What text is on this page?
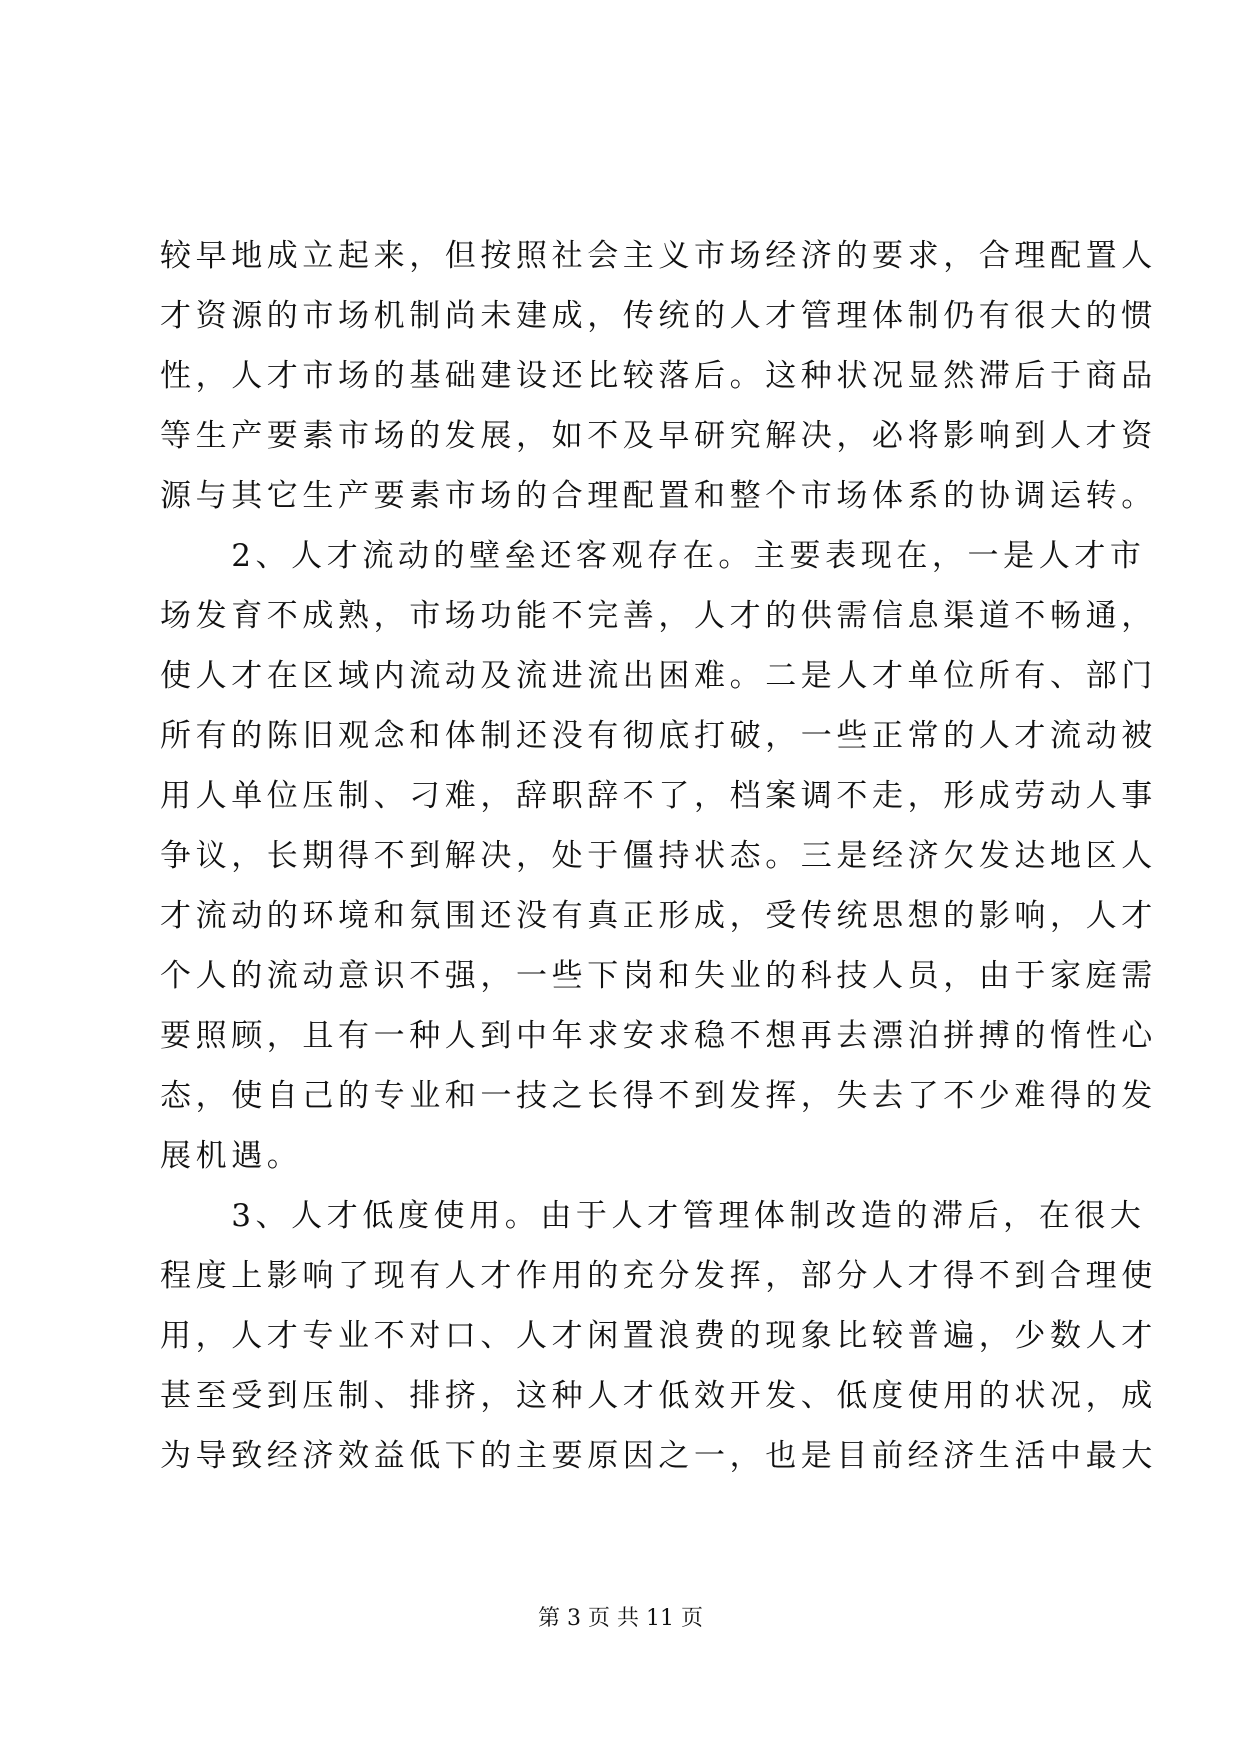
较早地成立起来，但按照社会主义市场经济的要求，合理配置人
才资源的市场机制尚未建成，传统的人才管理体制仍有很大的惯
性，人才市场的基础建设还比较落后。这种状况显然滞后于商品
等生产要素市场的发展，如不及早研究解决，必将影响到人才资
源与其它生产要素市场的合理配置和整个市场体系的协调运转。
　　2、人才流动的壁垒还客观存在。主要表现在，一是人才市
场发育不成熟，市场功能不完善，人才的供需信息渠道不畅通，
使人才在区域内流动及流进流出困难。二是人才单位所有、部门
所有的陈旧观念和体制还没有彻底打破，一些正常的人才流动被
用人单位压制、刁难，辞职辞不了，档案调不走，形成劳动人事
争议，长期得不到解决，处于僵持状态。三是经济欠发达地区人
才流动的环境和氛围还没有真正形成，受传统思想的影响，人才
个人的流动意识不强，一些下岗和失业的科技人员，由于家庭需
要照顾，且有一种人到中年求安求稳不想再去漂泊拼搏的惰性心
态，使自己的专业和一技之长得不到发挥，失去了不少难得的发
展机遇。
　　3、人才低度使用。由于人才管理体制改造的滞后，在很大
程度上影响了现有人才作用的充分发挥，部分人才得不到合理使
用，人才专业不对口、人才闲置浪费的现象比较普遍，少数人才
甚至受到压制、排挤，这种人才低效开发、低度使用的状况，成
为导致经济效益低下的主要原因之一，也是目前经济生活中最大
第 3 页 共 11 页
